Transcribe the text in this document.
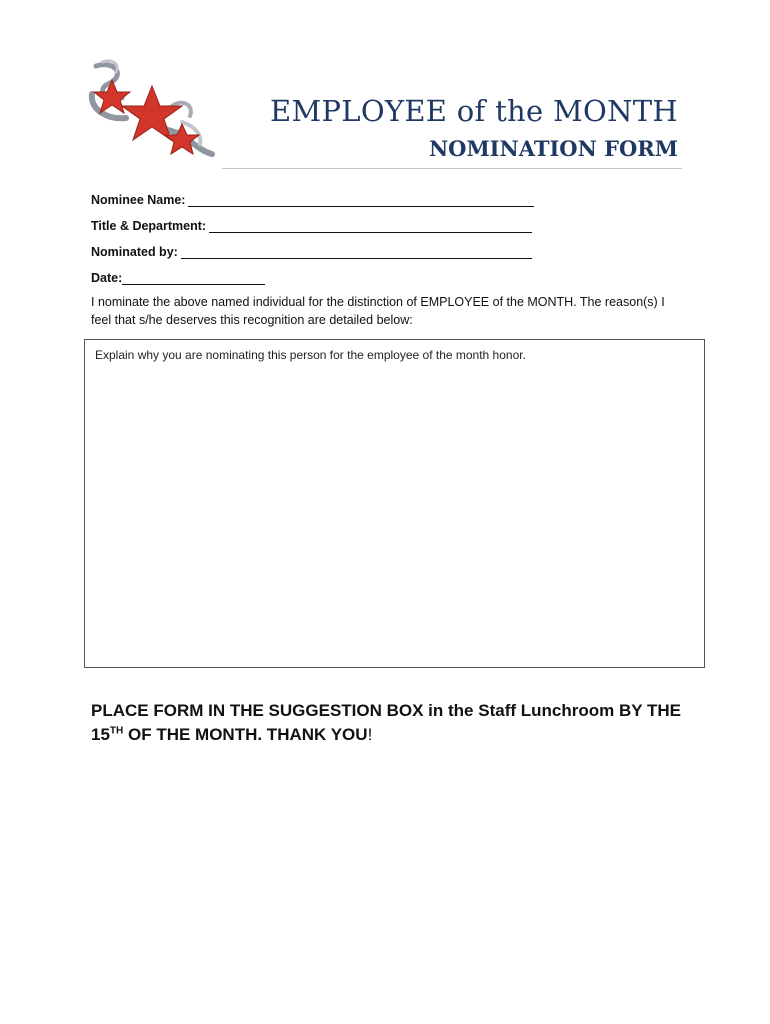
EMPLOYEE of the MONTH
NOMINATION FORM
Nominee Name:
Title & Department:
Nominated by:
Date:
I nominate the above named individual for the distinction of EMPLOYEE of the MONTH. The reason(s) I feel that s/he deserves this recognition are detailed below:
Explain why you are nominating this person for the employee of the month honor.
PLACE FORM IN THE SUGGESTION BOX in the Staff Lunchroom BY THE
15TH OF THE MONTH. THANK YOU!
